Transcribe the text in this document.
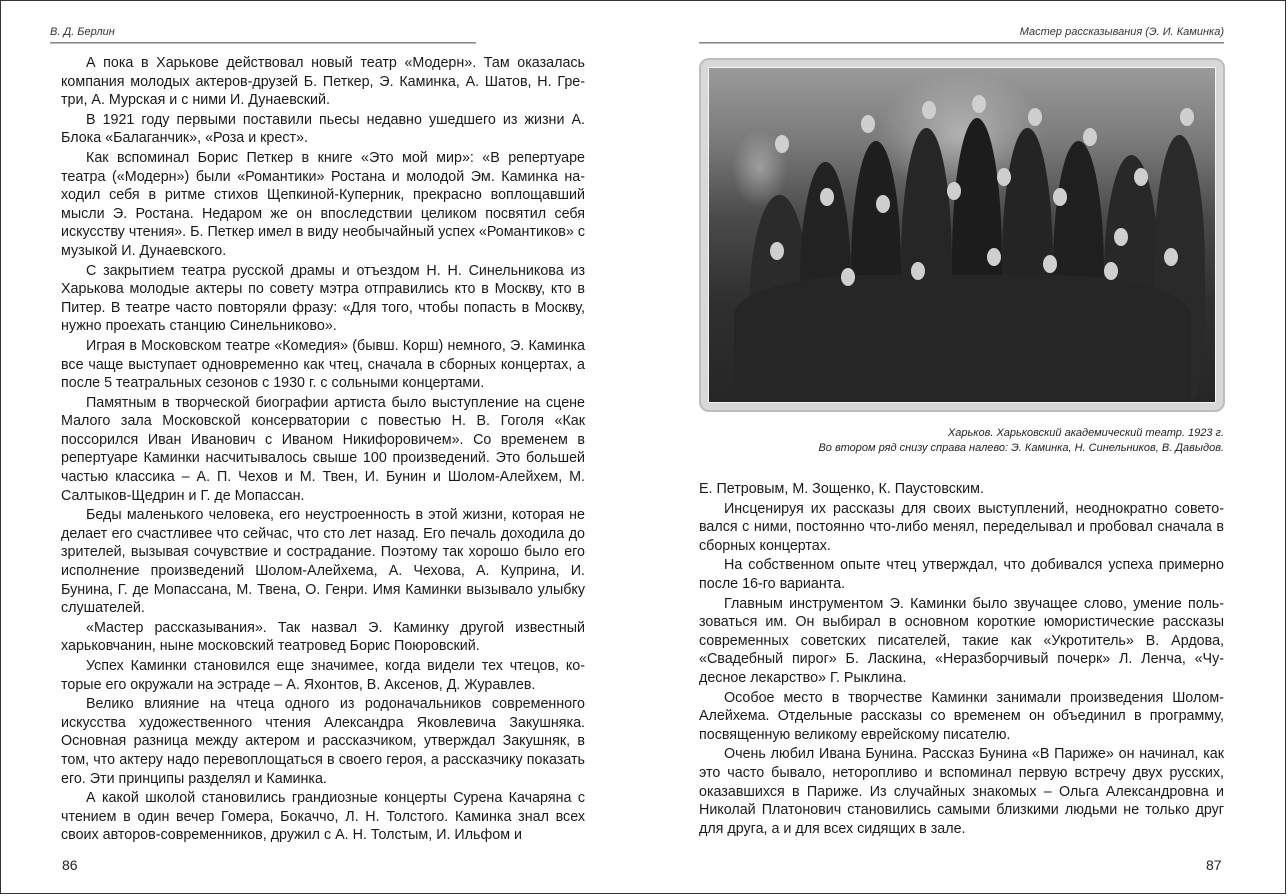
В. Д. Берлин

А пока в Харькове действовал новый театр «Модерн». Там оказалась компания молодых актеров-друзей Б. Петкер, Э. Каминка, А. Шатов, Н. Гретри, А. Мурская и с ними И. Дунаевский.

В 1921 году первыми поставили пьесы недавно ушедшего из жизни А. Блока «Балаганчик», «Роза и крест».

Как вспоминал Борис Петкер в книге «Это мой мир»: «В репертуаре театра («Модерн») были «Романтики» Ростана и молодой Эм. Каминка находил себя в ритме стихов Щепкиной-Куперник, прекрасно воплощавший мысли Э. Ростана. Недаром же он впоследствии целиком посвятил себя искусству чтения». Б. Петкер имел в виду необычайный успех «Романтиков» с музыкой И. Дунаевского.

С закрытием театра русской драмы и отъездом Н. Н. Синельникова из Харькова молодые актеры по совету мэтра отправились кто в Москву, кто в Питер. В театре часто повторяли фразу: «Для того, чтобы попасть в Москву, нужно проехать станцию Синельниково».

Играя в Московском театре «Комедия» (бывш. Корш) немного, Э. Каминка все чаще выступает одновременно как чтец, сначала в сборных концертах, а после 5 театральных сезонов с 1930 г. с сольными концертами.

Памятным в творческой биографии артиста было выступление на сцене Малого зала Московской консерватории с повестью Н. В. Гоголя «Как поссорился Иван Иванович с Иваном Никифоровичем». Со временем в репертуаре Каминки насчитывалось свыше 100 произведений. Это большей частью классика – А. П. Чехов и М. Твен, И. Бунин и Шолом-Алейхем, М. Салтыков-Щедрин и Г. де Мопассан.

Беды маленького человека, его неустроенность в этой жизни, которая не делает его счастливее что сейчас, что сто лет назад. Его печаль доходила до зрителей, вызывая сочувствие и сострадание. Поэтому так хорошо было его исполнение произведений Шолом-Алейхема, А. Чехова, А. Куприна, И. Бунина, Г. де Мопассана, М. Твена, О. Генри. Имя Каминки вызывало улыбку слушателей.

«Мастер рассказывания». Так назвал Э. Каминку другой известный харьковчанин, ныне московский театровед Борис Поюровский.

Успех Каминки становился еще значимее, когда видели тех чтецов, которые его окружали на эстраде – А. Яхонтов, В. Аксенов, Д. Журавлев.

Велико влияние на чтеца одного из родоначальников современного искусства художественного чтения Александра Яковлевича Закушняка. Основная разница между актером и рассказчиком, утверждал Закушняк, в том, что актеру надо перевоплощаться в своего героя, а рассказчику показать его. Эти принципы разделял и Каминка.

А какой школой становились грандиозные концерты Сурена Качаряна с чтением в один вечер Гомера, Бокаччо, Л. Н. Толстого. Каминка знал всех своих авторов-современников, дружил с А. Н. Толстым, И. Ильфом и

86
Мастер рассказывания (Э. И. Каминка)
Харьков. Харьковский академический театр. 1923 г.
Во втором ряд снизу справа налево: Э. Каминка, Н. Синельников, В. Давыдов.

Е. Петровым, М. Зощенко, К. Паустовским.

Инсценируя их рассказы для своих выступлений, неоднократно советовался с ними, постоянно что-либо менял, переделывал и пробовал сначала в сборных концертах.

На собственном опыте чтец утверждал, что добивался успеха примерно после 16-го варианта.

Главным инструментом Э. Каминки было звучащее слово, умение пользоваться им. Он выбирал в основном короткие юмористические рассказы современных советских писателей, такие как «Укротитель» В. Ардова, «Свадебный пирог» Б. Ласкина, «Неразборчивый почерк» Л. Ленча, «Чудесное лекарство» Г. Рыклина.

Особое место в творчестве Каминки занимали произведения Шолом-Алейхема. Отдельные рассказы со временем он объединил в программу, посвященную великому еврейскому писателю.

Очень любил Ивана Бунина. Рассказ Бунина «В Париже» он начинал, как это часто бывало, неторопливо и вспоминал первую встречу двух русских, оказавшихся в Париже. Из случайных знакомых – Ольга Александровна и Николай Платонович становились самыми близкими людьми не только друг для друга, а и для всех сидящих в зале.

87
